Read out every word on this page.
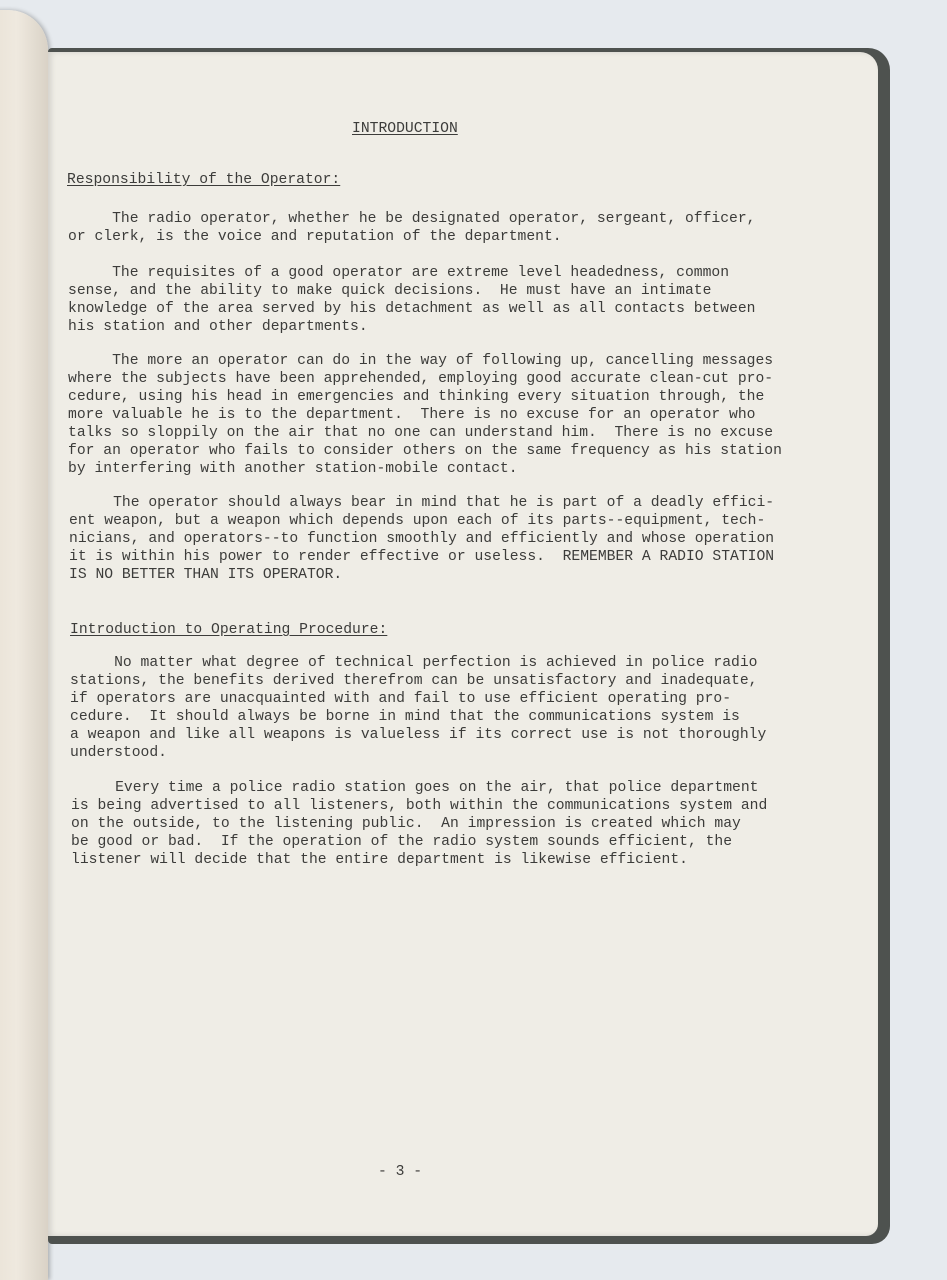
INTRODUCTION
Responsibility of the Operator:
The radio operator, whether he be designated operator, sergeant, officer,
or clerk, is the voice and reputation of the department.
The requisites of a good operator are extreme level headedness, common
sense, and the ability to make quick decisions.  He must have an intimate
knowledge of the area served by his detachment as well as all contacts between
his station and other departments.
The more an operator can do in the way of following up, cancelling messages
where the subjects have been apprehended, employing good accurate clean-cut pro-
cedure, using his head in emergencies and thinking every situation through, the
more valuable he is to the department.  There is no excuse for an operator who
talks so sloppily on the air that no one can understand him.  There is no excuse
for an operator who fails to consider others on the same frequency as his station
by interfering with another station-mobile contact.
The operator should always bear in mind that he is part of a deadly effici-
ent weapon, but a weapon which depends upon each of its parts--equipment, tech-
nicians, and operators--to function smoothly and efficiently and whose operation
it is within his power to render effective or useless.  REMEMBER A RADIO STATION
IS NO BETTER THAN ITS OPERATOR.
Introduction to Operating Procedure:
No matter what degree of technical perfection is achieved in police radio
stations, the benefits derived therefrom can be unsatisfactory and inadequate,
if operators are unacquainted with and fail to use efficient operating pro-
cedure.  It should always be borne in mind that the communications system is
a weapon and like all weapons is valueless if its correct use is not thoroughly
understood.
Every time a police radio station goes on the air, that police department
is being advertised to all listeners, both within the communications system and
on the outside, to the listening public.  An impression is created which may
be good or bad.  If the operation of the radio system sounds efficient, the
listener will decide that the entire department is likewise efficient.
- 3 -
